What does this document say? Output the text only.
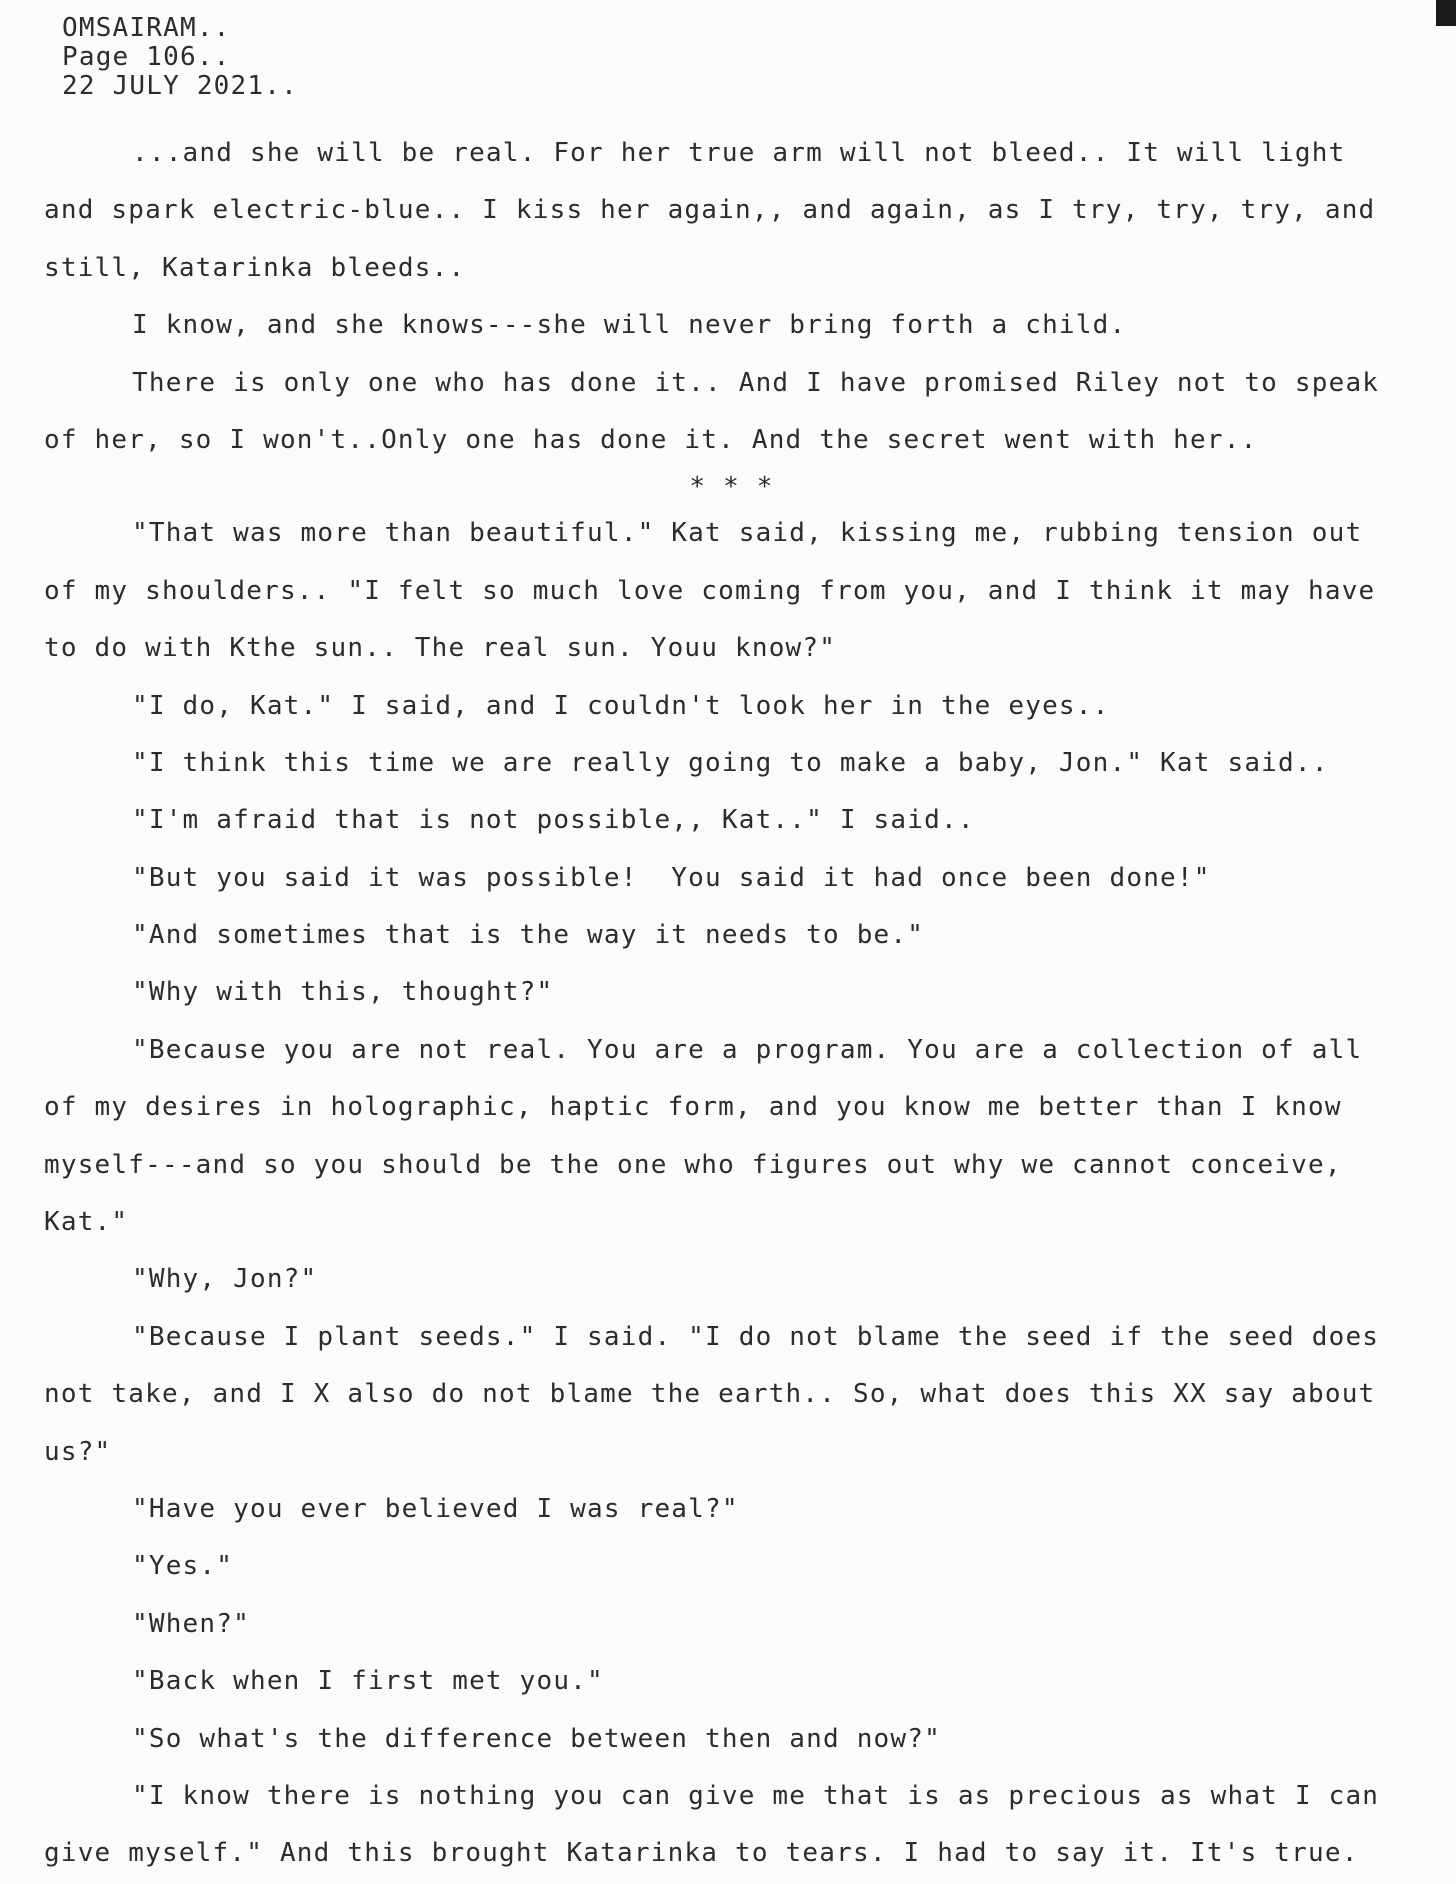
OMSAIRAM..
Page 106..
22 JULY 2021..
...and she will be real. For her true arm will not bleed.. It will light
and spark electric-blue.. I kiss her again,, and again, as I try, try, try, and
still, Katarinka bleeds..
I know, and she knows---she will never bring forth a child.
There is only one who has done it.. And I have promised Riley not to speak
of her, so I won't..Only one has done it. And the secret went with her..
* * *
"That was more than beautiful." Kat said, kissing me, rubbing tension out
of my shoulders.. "I felt so much love coming from you, and I think it may have
to do with Kthe sun.. The real sun. Youu know?"
"I do, Kat." I said, and I couldn't look her in the eyes..
"I think this time we are really going to make a baby, Jon." Kat said..
"I'm afraid that is not possible,, Kat.." I said..
"But you said it was possible!  You said it had once been done!"
"And sometimes that is the way it needs to be."
"Why with this, thought?"
"Because you are not real. You are a program. You are a collection of all
of my desires in holographic, haptic form, and you know me better than I know
myself---and so you should be the one who figures out why we cannot conceive,
Kat."
"Why, Jon?"
"Because I plant seeds." I said. "I do not blame the seed if the seed does
not take, and I X also do not blame the earth.. So, what does this XX say about
us?"
"Have you ever believed I was real?"
"Yes."
"When?"
"Back when I first met you."
"So what's the difference between then and now?"
"I know there is nothing you can give me that is as precious as what I can
give myself." And this brought Katarinka to tears. I had to say it. It's true.
